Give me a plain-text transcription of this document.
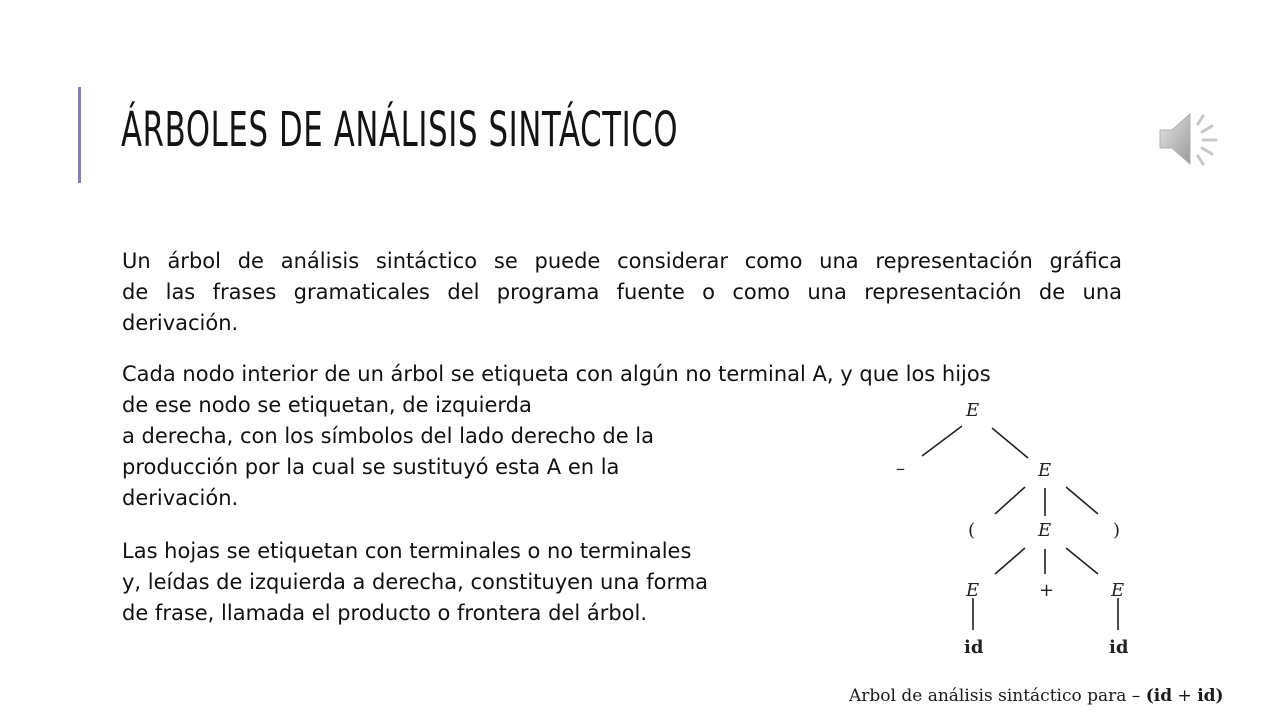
ÁRBOLES DE ANÁLISIS SINTÁCTICO
Un árbol de análisis sintáctico se puede considerar como una representación gráfica
de las frases gramaticales del programa fuente o como una representación de una
derivación.
Cada nodo interior de un árbol se etiqueta con algún no terminal A, y que los hijos
de ese nodo se etiquetan, de izquierda
a derecha, con los símbolos del lado derecho de la
producción por la cual se sustituyó esta A en la
derivación.
Las hojas se etiquetan con terminales o no terminales
y, leídas de izquierda a derecha, constituyen una forma
de frase, llamada el producto o frontera del árbol.
E
–	E
(	E	)
E	+	E
id	id
Arbol de análisis sintáctico para – (id + id)
